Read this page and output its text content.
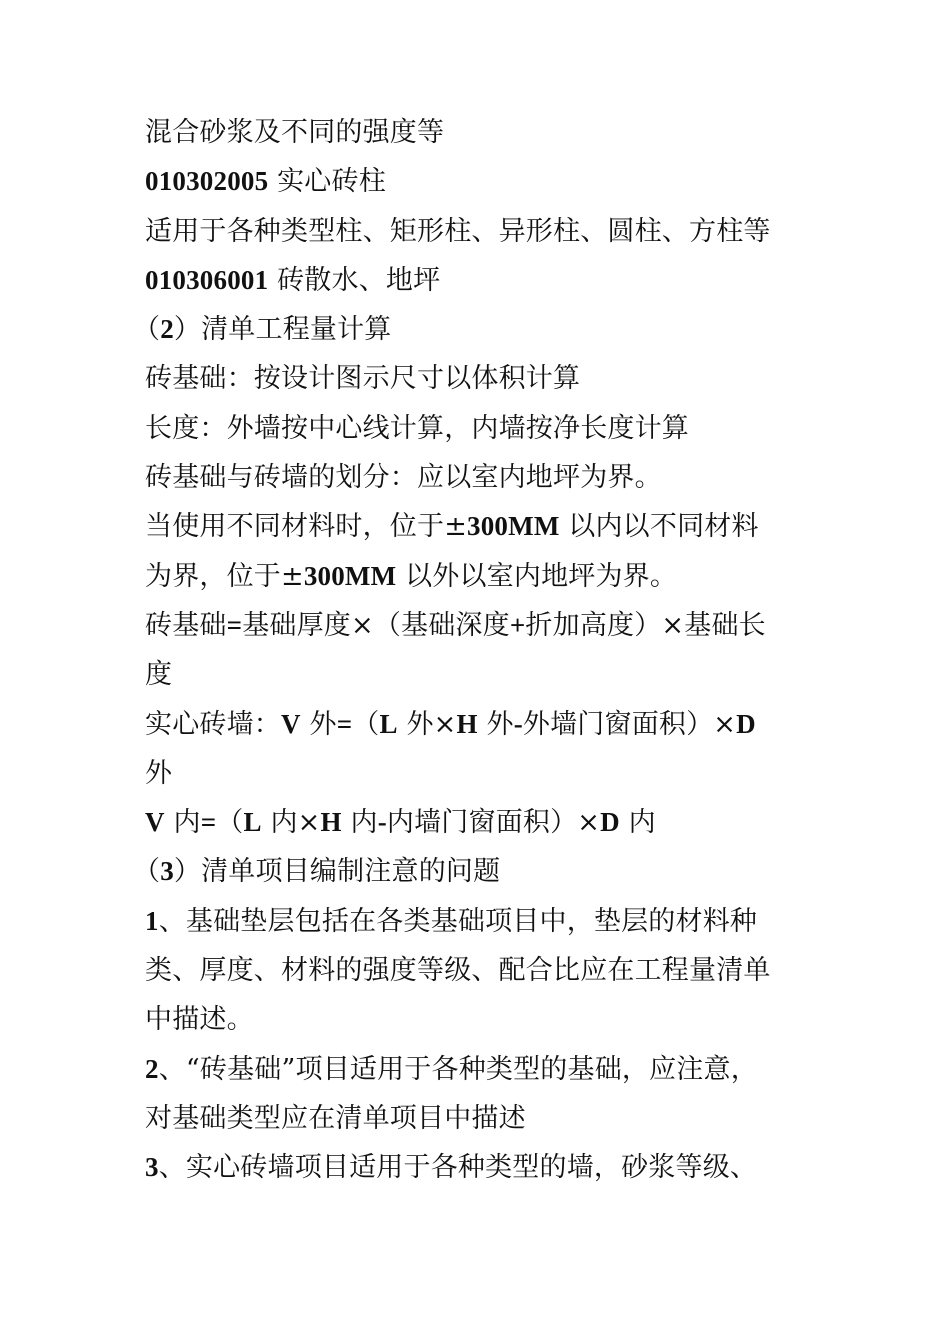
混合砂浆及不同的强度等
010302005 实心砖柱
适用于各种类型柱、矩形柱、异形柱、圆柱、方柱等
010306001 砖散水、地坪
（2）清单工程量计算
砖基础：按设计图示尺寸以体积计算
长度：外墙按中心线计算，内墙按净长度计算
砖基础与砖墙的划分：应以室内地坪为界。
当使用不同材料时，位于±300MM 以内以不同材料
为界，位于±300MM 以外以室内地坪为界。
砖基础=基础厚度×（基础深度+折加高度）×基础长
度
实心砖墙：V 外=（L 外×H 外-外墙门窗面积）×D
外
V 内=（L 内×H 内-内墙门窗面积）×D 内
（3）清单项目编制注意的问题
1、基础垫层包括在各类基础项目中，垫层的材料种
类、厚度、材料的强度等级、配合比应在工程量清单
中描述。
2、“砖基础”项目适用于各种类型的基础，应注意，
对基础类型应在清单项目中描述
3、实心砖墙项目适用于各种类型的墙，砂浆等级、
